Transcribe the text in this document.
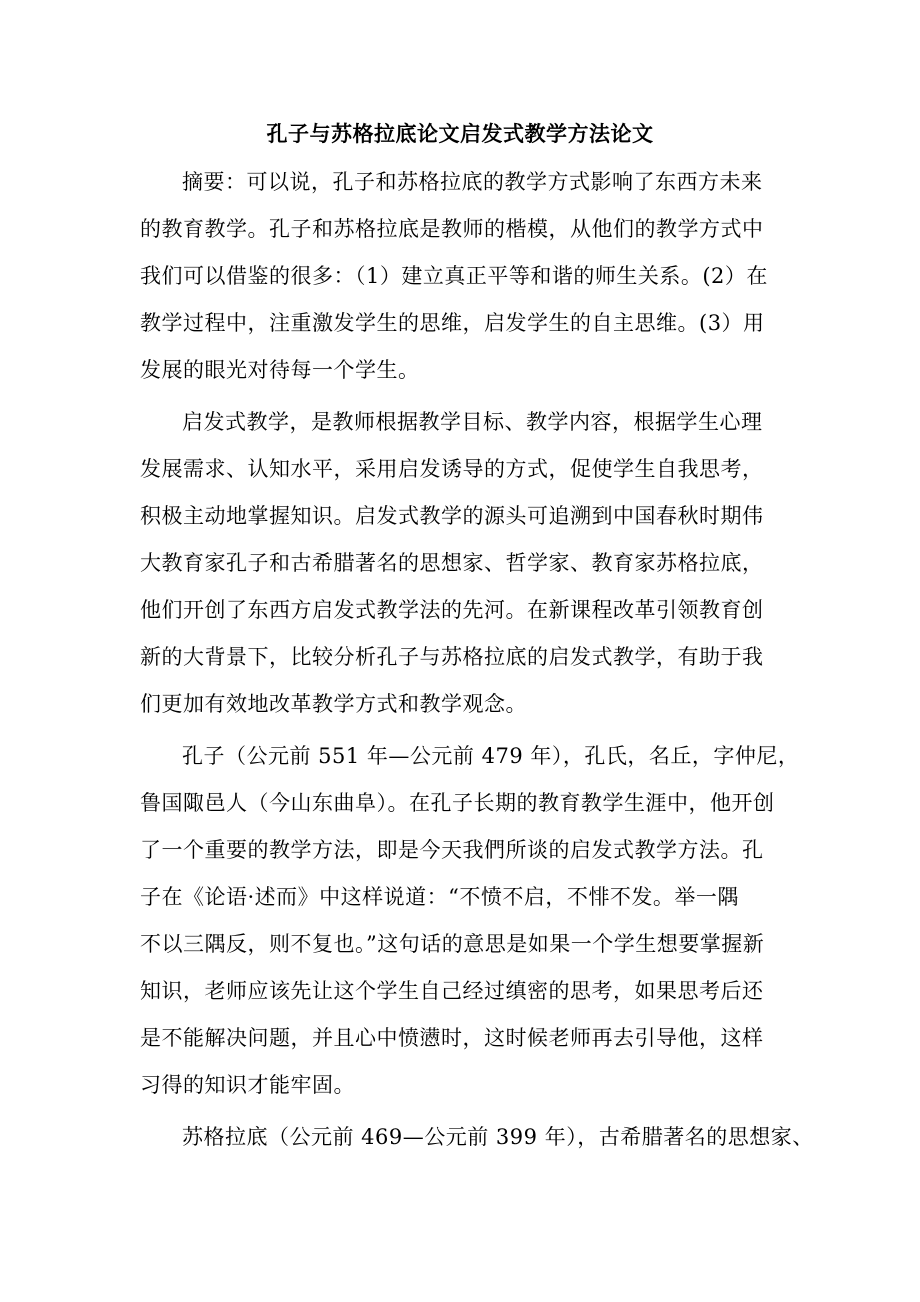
孔子与苏格拉底论文启发式教学方法论文
摘要：可以说，孔子和苏格拉底的教学方式影响了东西方未来
的教育教学。孔子和苏格拉底是教师的楷模，从他们的教学方式中
我们可以借鉴的很多：（1）建立真正平等和谐的师生关系。(2）在
教学过程中，注重激发学生的思维，启发学生的自主思维。(3）用
发展的眼光对待每一个学生。
启发式教学，是教师根据教学目标、教学内容，根据学生心理
发展需求、认知水平，采用启发诱导的方式，促使学生自我思考，
积极主动地掌握知识。启发式教学的源头可追溯到中国春秋时期伟
大教育家孔子和古希腊著名的思想家、哲学家、教育家苏格拉底，
他们开创了东西方启发式教学法的先河。在新课程改革引领教育创
新的大背景下，比较分析孔子与苏格拉底的启发式教学，有助于我
们更加有效地改革教学方式和教学观念。
孔子（公元前 551 年—公元前 479 年），孔氏，名丘，字仲尼，
鲁国陬邑人（今山东曲阜）。在孔子长期的教育教学生涯中，他开创
了一个重要的教学方法，即是今天我們所谈的启发式教学方法。孔
子在《论语·述而》中这样说道：“不愤不启，不悱不发。举一隅
不以三隅反，则不复也。”这句话的意思是如果一个学生想要掌握新
知识，老师应该先让这个学生自己经过缜密的思考，如果思考后还
是不能解决问题，并且心中愤懑时，这时候老师再去引导他，这样
习得的知识才能牢固。
苏格拉底（公元前 469—公元前 399 年），古希腊著名的思想家、
